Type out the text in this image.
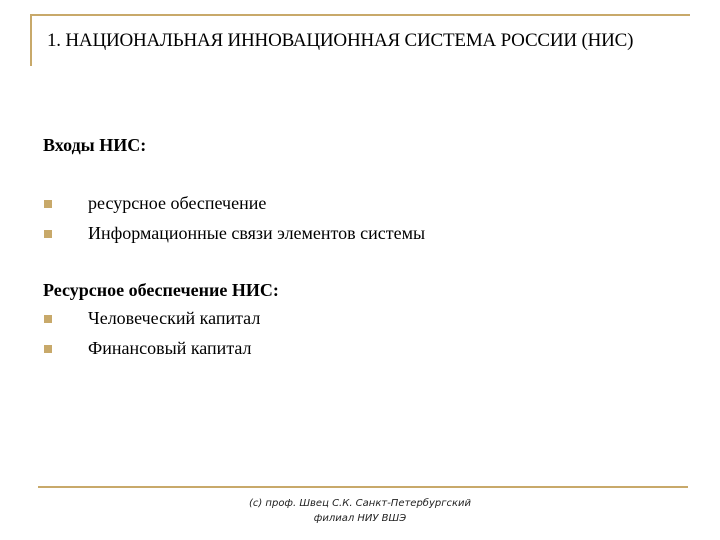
1. НАЦИОНАЛЬНАЯ ИННОВАЦИОННАЯ СИСТЕМА РОССИИ (НИС)
Входы НИС:
ресурсное обеспечение
Информационные связи элементов системы
Ресурсное обеспечение НИС:
Человеческий капитал
Финансовый капитал
(c) проф. Швец С.К. Санкт-Петербургский
филиал НИУ ВШЭ
